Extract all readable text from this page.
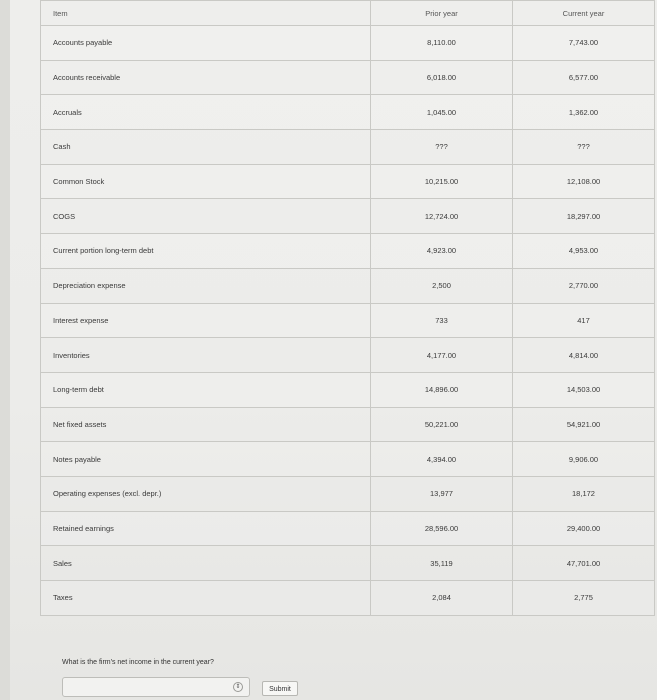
Item	Prior year	Current year
Accounts payable	8,110.00	7,743.00
Accounts receivable	6,018.00	6,577.00
Accruals	1,045.00	1,362.00
Cash	???	???
Common Stock	10,215.00	12,108.00
COGS	12,724.00	18,297.00
Current portion long-term debt	4,923.00	4,953.00
Depreciation expense	2,500	2,770.00
Interest expense	733	417
Inventories	4,177.00	4,814.00
Long-term debt	14,896.00	14,503.00
Net fixed assets	50,221.00	54,921.00
Notes payable	4,394.00	9,906.00
Operating expenses (excl. depr.)	13,977	18,172
Retained earnings	28,596.00	29,400.00
Sales	35,119	47,701.00
Taxes	2,084	2,775
What is the firm's net income in the current year?
⇕	Submit
